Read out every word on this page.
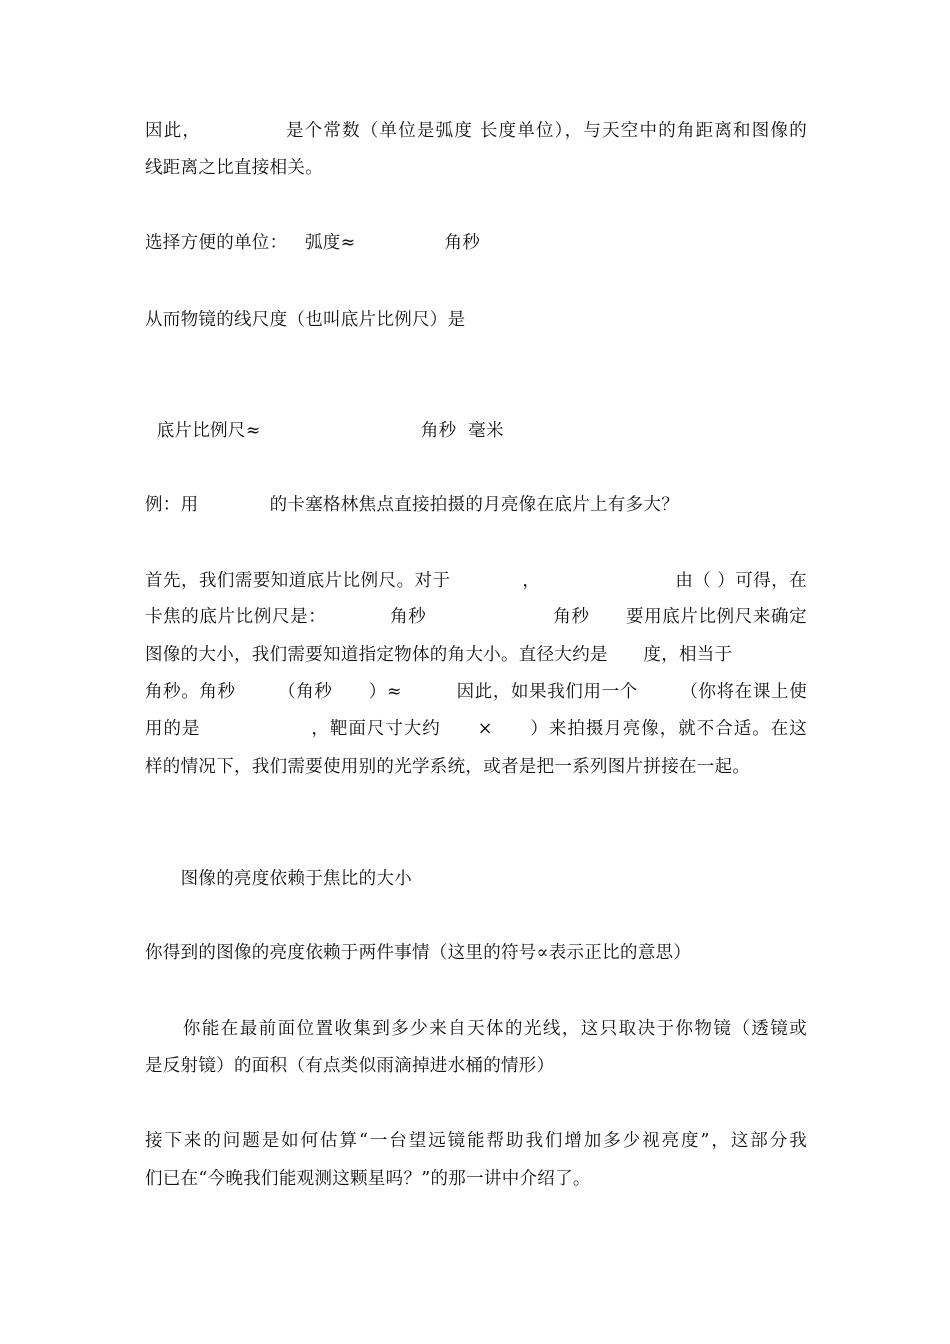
因此，　　　　　是个常数（单位是弧度 长度单位），与天空中的角距离和图像的
线距离之比直接相关。
选择方便的单位：   弧度≈　　　　　角秒
从而物镜的线尺度（也叫底片比例尺）是
底片比例尺≈　　　　　　　　　角秒  毫米
例：用　　　　的卡塞格林焦点直接拍摄的月亮像在底片上有多大？
首先，我们需要知道底片比例尺。对于　　　　，　　　　　　　　由（ ）可得，在
卡焦的底片比例尺是：　　　　角秒　　　　　　　角秒　　要用底片比例尺来确定
图像的大小，我们需要知道指定物体的角大小。直径大约是　　度，相当于
角秒。角秒　　 （角秒　　）≈　　　因此，如果我们用一个　　 （你将在课上使
用的是　　　　　　，靶面尺寸大约　　×　　）来拍摄月亮像，就不合适。在这
样的情况下，我们需要使用别的光学系统，或者是把一系列图片拼接在一起。
　　图像的亮度依赖于焦比的大小
你得到的图像的亮度依赖于两件事情（这里的符号∝表示正比的意思）
　　你能在最前面位置收集到多少来自天体的光线，这只取决于你物镜（透镜或
是反射镜）的面积（有点类似雨滴掉进水桶的情形）
接下来的问题是如何估算“一台望远镜能帮助我们增加多少视亮度”，这部分我
们已在“今晚我们能观测这颗星吗？”的那一讲中介绍了。
